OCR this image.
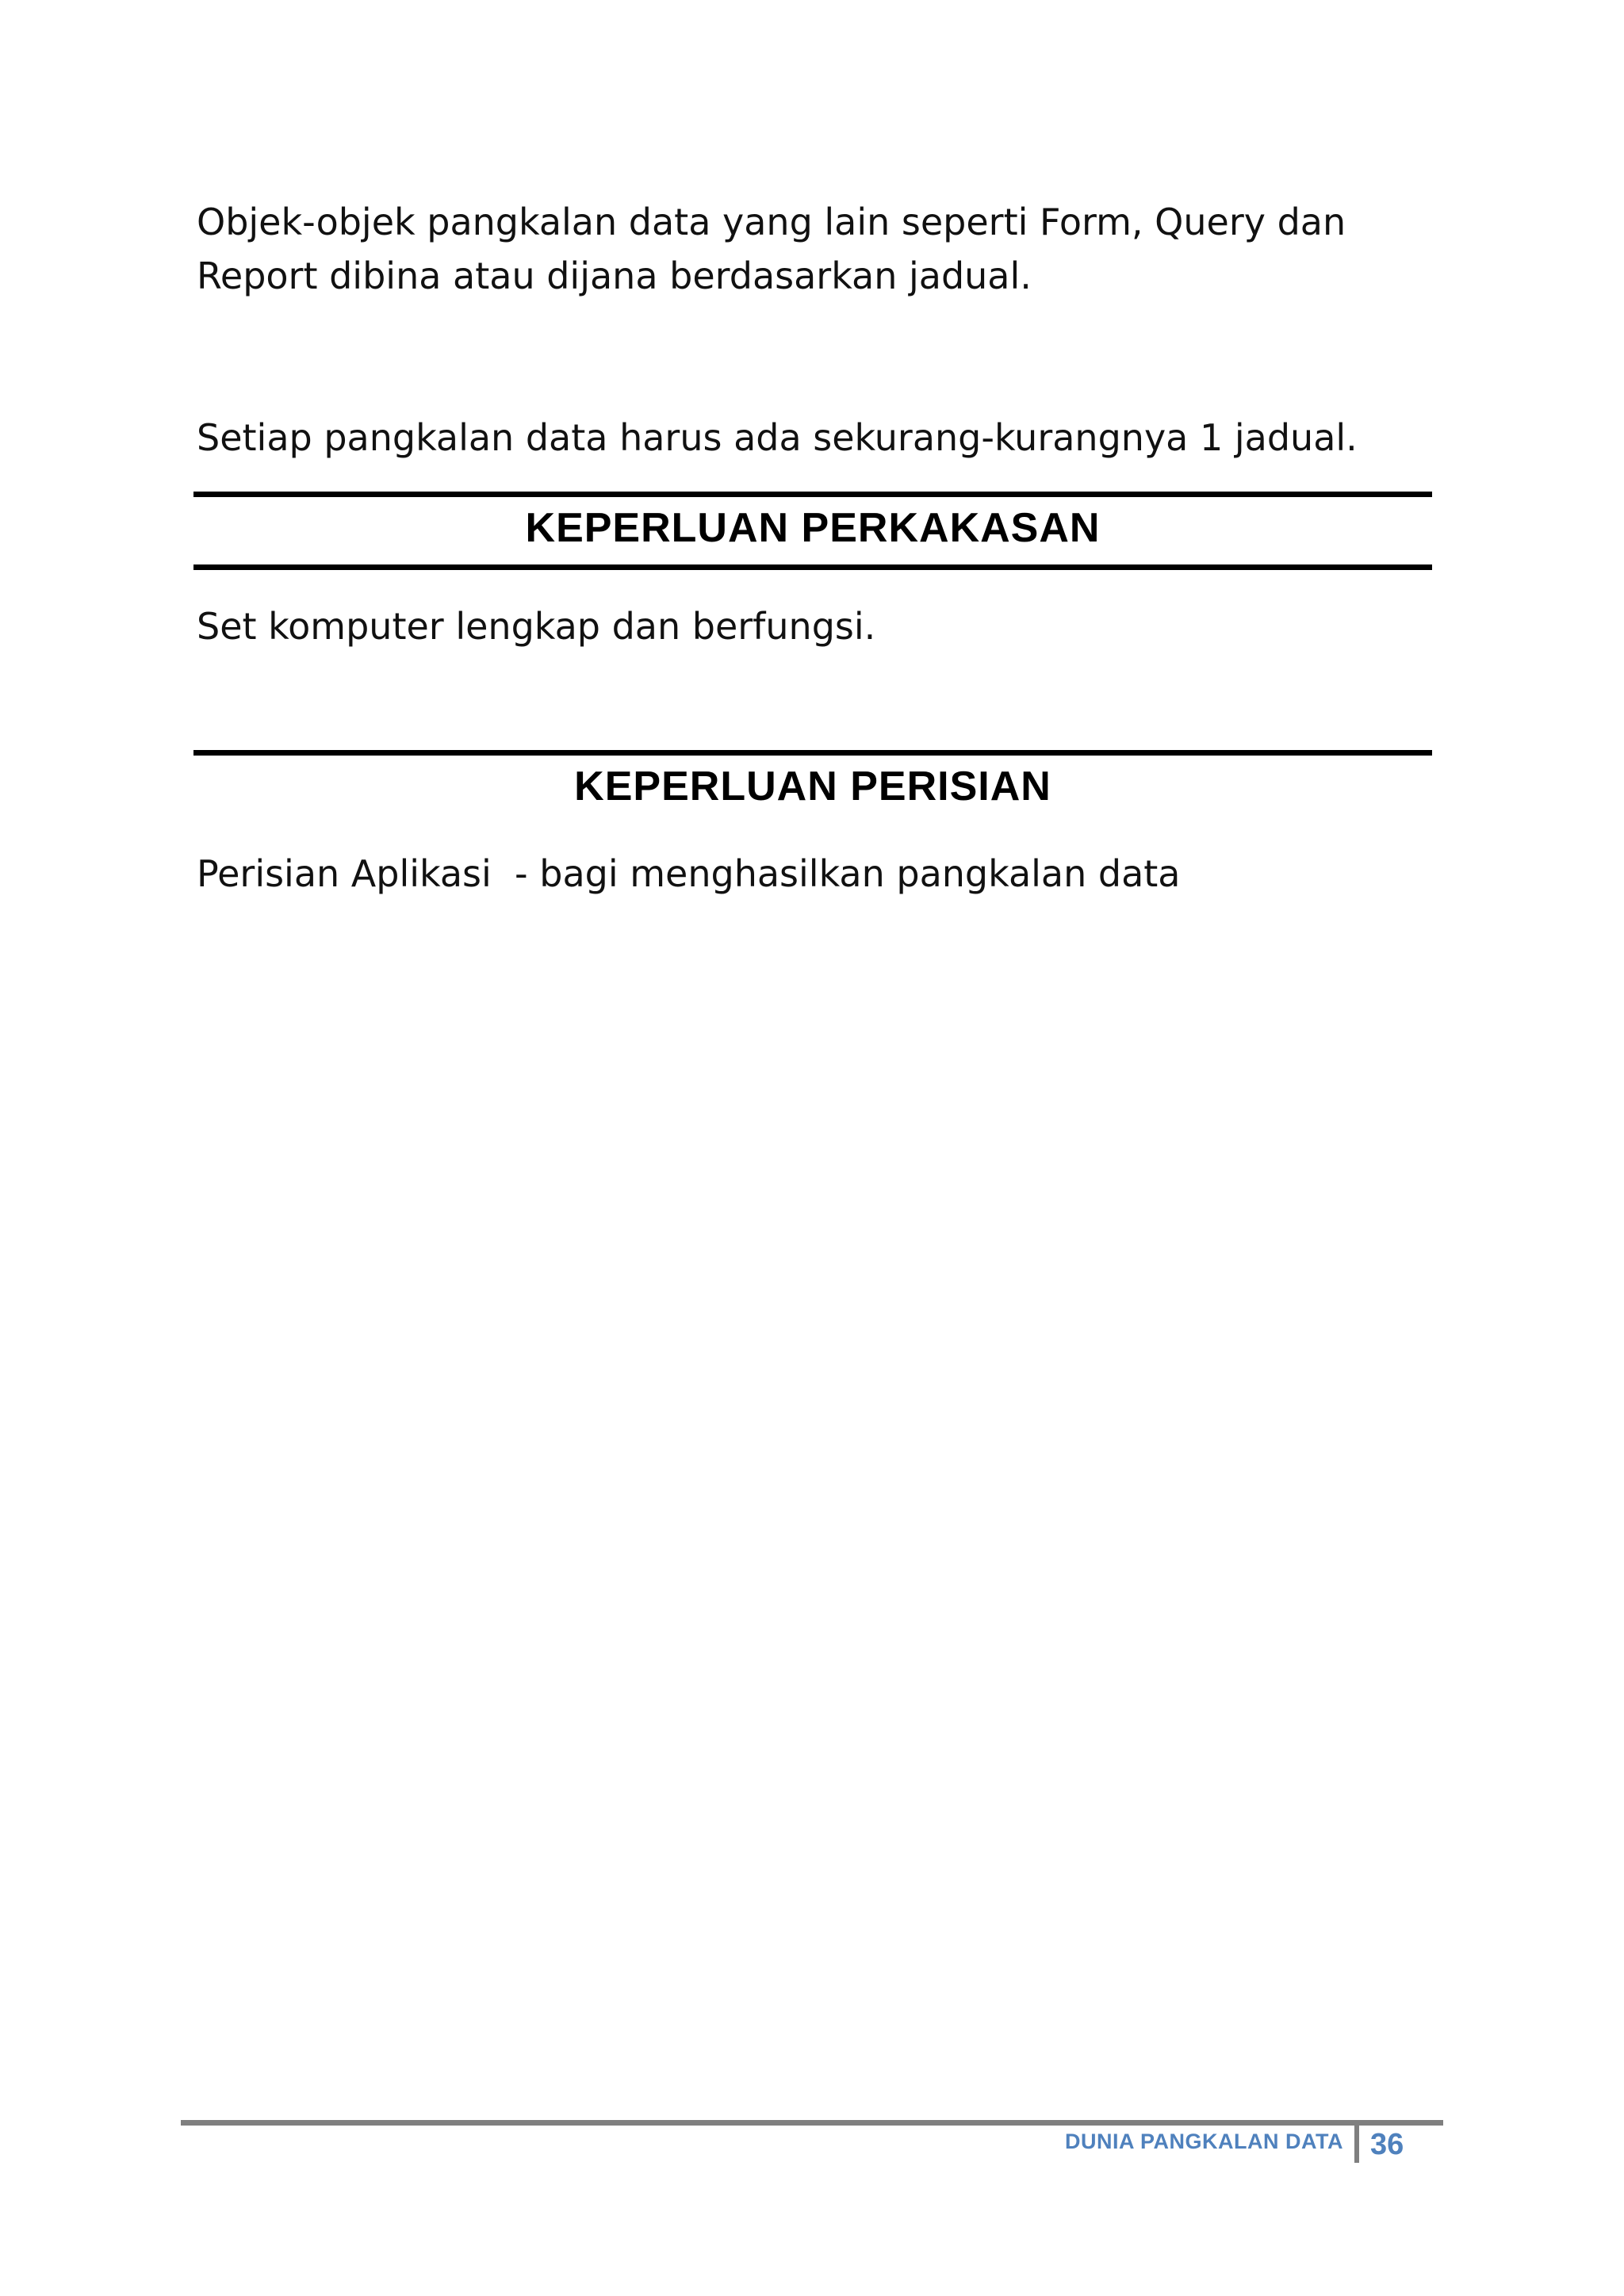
Objek-objek pangkalan data yang lain seperti Form, Query dan Report dibina atau dijana berdasarkan jadual.

Setiap pangkalan data harus ada sekurang-kurangnya 1 jadual.

KEPERLUAN PERKAKASAN

Set komputer lengkap dan berfungsi.

KEPERLUAN PERISIAN

Perisian Aplikasi  - bagi menghasilkan pangkalan data

DUNIA PANGKALAN DATA 36
